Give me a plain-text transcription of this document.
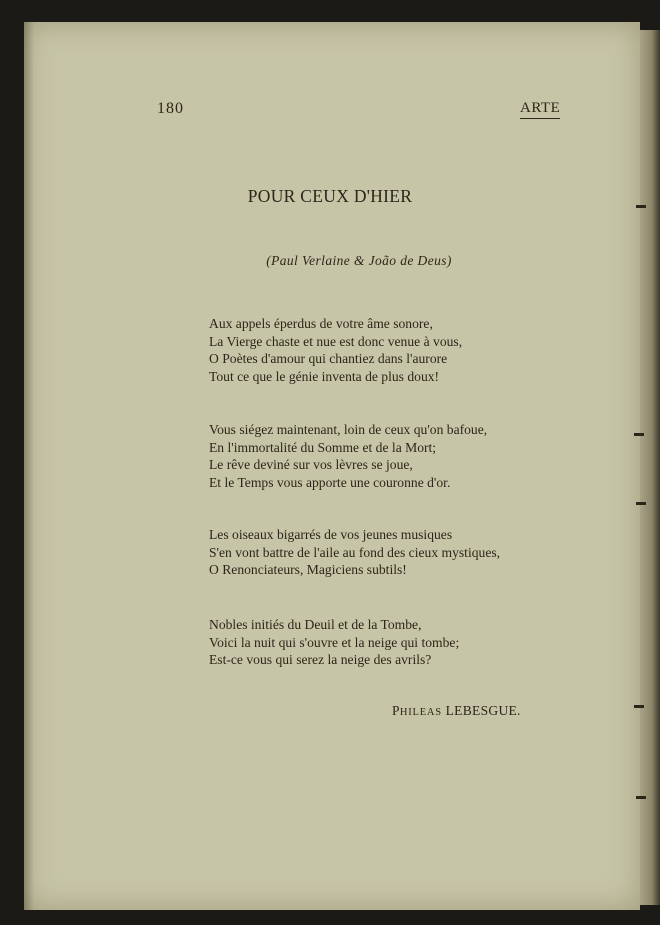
180	ARTE
POUR CEUX D'HIER
(Paul Verlaine & João de Deus)
Aux appels éperdus de votre âme sonore,
La Vierge chaste et nue est donc venue à vous,
O Poètes d'amour qui chantiez dans l'aurore
Tout ce que le génie inventa de plus doux!
Vous siégez maintenant, loin de ceux qu'on bafoue,
En l'immortalité du Somme et de la Mort;
Le rêve deviné sur vos lèvres se joue,
Et le Temps vous apporte une couronne d'or.
Les oiseaux bigarrés de vos jeunes musiques
S'en vont battre de l'aile au fond des cieux mystiques,
O Renonciateurs, Magiciens subtils!
Nobles initiés du Deuil et de la Tombe,
Voici la nuit qui s'ouvre et la neige qui tombe;
Est-ce vous qui serez la neige des avrils?
PHILEAS LEBESGUE.
